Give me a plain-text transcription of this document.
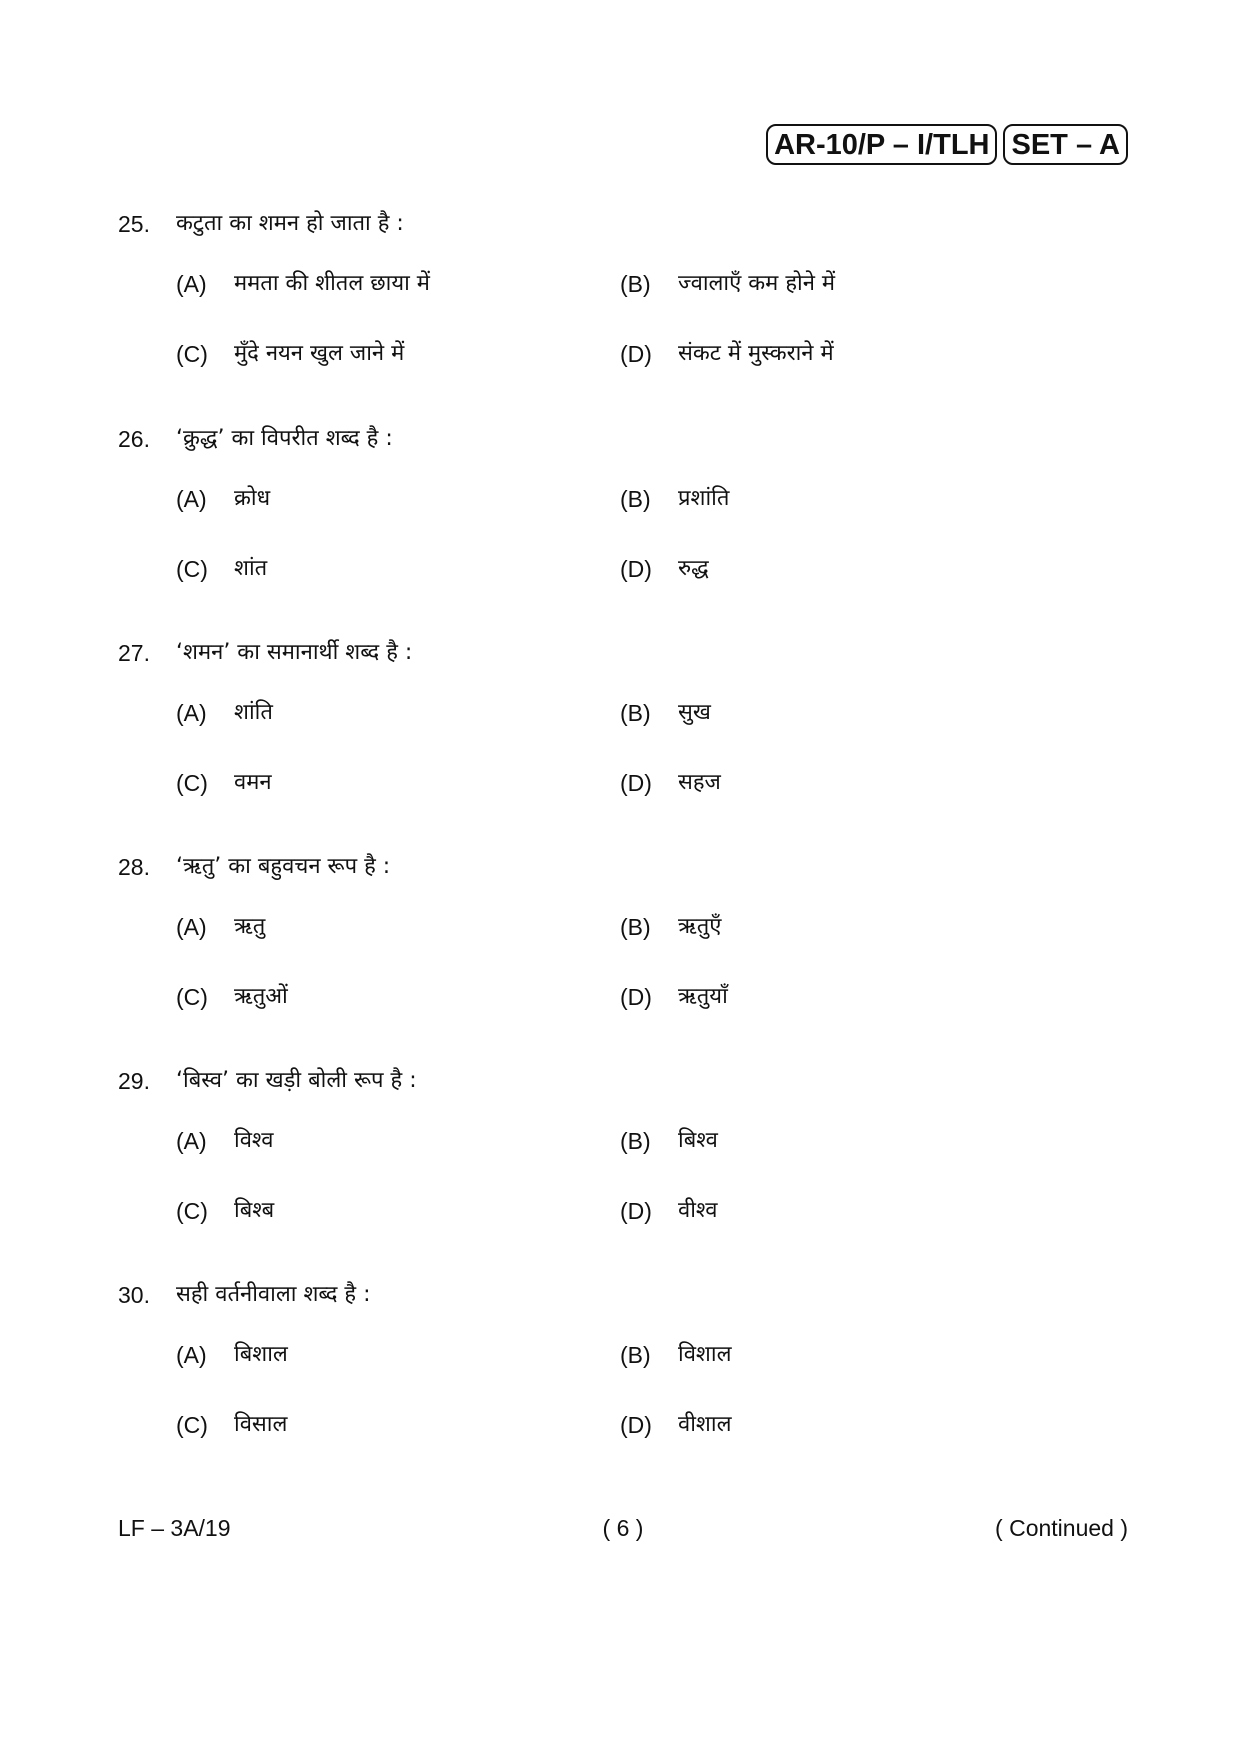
AR-10/P – I/TLH SET – A
25.	कटुता का शमन हो जाता है :
(A)	ममता की शीतल छाया में	(B)	ज्वालाएँ कम होने में
(C)	मुँदे नयन खुल जाने में	(D)	संकट में मुस्कराने में
26.	‘क्रुद्ध’ का विपरीत शब्द है :
(A)	क्रोध	(B)	प्रशांति
(C)	शांत	(D)	रुद्ध
27.	‘शमन’ का समानार्थी शब्द है :
(A)	शांति	(B)	सुख
(C)	वमन	(D)	सहज
28.	‘ऋतु’ का बहुवचन रूप है :
(A)	ऋतु	(B)	ऋतुएँ
(C)	ऋतुओं	(D)	ऋतुयाँ
29.	‘बिस्व’ का खड़ी बोली रूप है :
(A)	विश्व	(B)	बिश्व
(C)	बिश्ब	(D)	वीश्व
30.	सही वर्तनीवाला शब्द है :
(A)	बिशाल	(B)	विशाल
(C)	विसाल	(D)	वीशाल
LF – 3A/19	( 6 )	( Continued )
